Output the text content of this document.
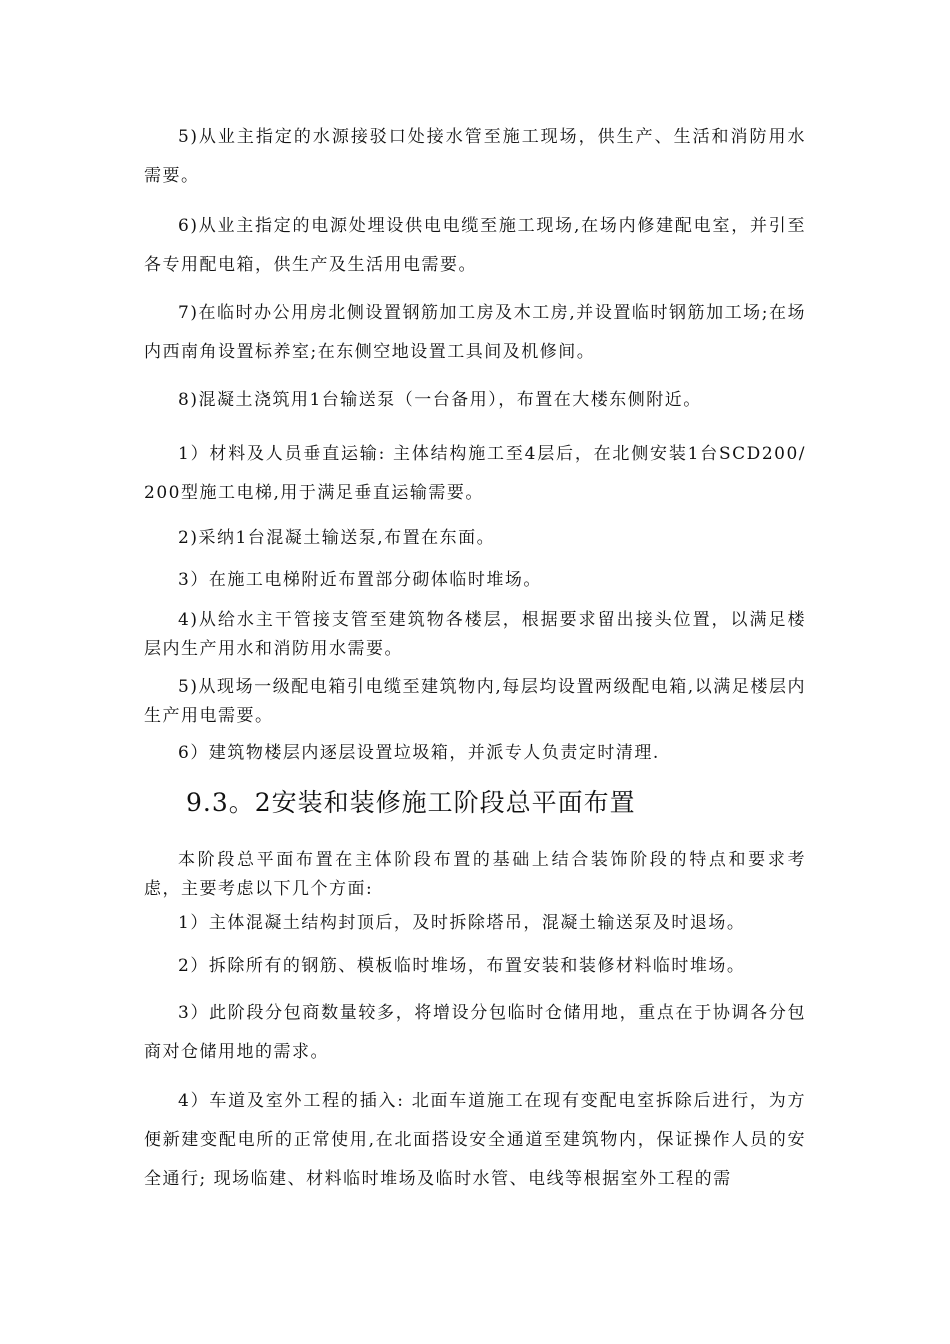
5)从业主指定的水源接驳口处接水管至施工现场，供生产、生活和消防用水需要。

6)从业主指定的电源处埋设供电电缆至施工现场,在场内修建配电室，并引至各专用配电箱，供生产及生活用电需要。

7)在临时办公用房北侧设置钢筋加工房及木工房,并设置临时钢筋加工场;在场内西南角设置标养室;在东侧空地设置工具间及机修间。

8)混凝土浇筑用1台输送泵（一台备用），布置在大楼东侧附近。

1）材料及人员垂直运输: 主体结构施工至4层后，在北侧安装1台SCD200/200型施工电梯,用于满足垂直运输需要。

2)采纳1台混凝土输送泵,布置在东面。

3）在施工电梯附近布置部分砌体临时堆场。

4)从给水主干管接支管至建筑物各楼层，根据要求留出接头位置，以满足楼层内生产用水和消防用水需要。

5)从现场一级配电箱引电缆至建筑物内,每层均设置两级配电箱,以满足楼层内生产用电需要。

6）建筑物楼层内逐层设置垃圾箱，并派专人负责定时清理.

9.3。2安装和装修施工阶段总平面布置

本阶段总平面布置在主体阶段布置的基础上结合装饰阶段的特点和要求考虑，主要考虑以下几个方面:

1）主体混凝土结构封顶后，及时拆除塔吊，混凝土输送泵及时退场。

2）拆除所有的钢筋、模板临时堆场，布置安装和装修材料临时堆场。

3）此阶段分包商数量较多，将增设分包临时仓储用地，重点在于协调各分包商对仓储用地的需求。

4）车道及室外工程的插入: 北面车道施工在现有变配电室拆除后进行，为方便新建变配电所的正常使用,在北面搭设安全通道至建筑物内，保证操作人员的安全通行; 现场临建、材料临时堆场及临时水管、电线等根据室外工程的需
